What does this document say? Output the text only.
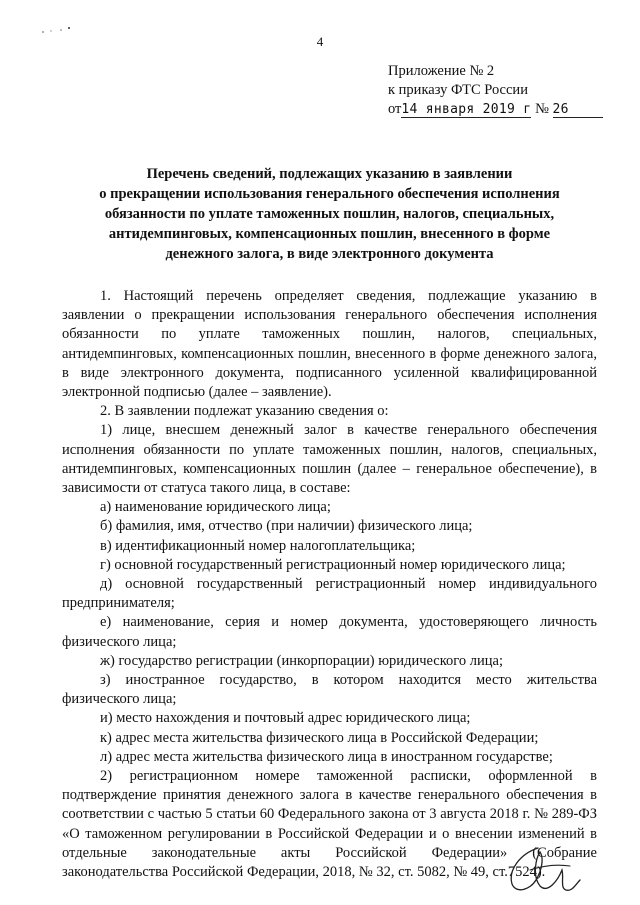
4
Приложение № 2
к приказу ФТС России
от14 января 2019 г № 26
Перечень сведений, подлежащих указанию в заявлении
о прекращении использования генерального обеспечения исполнения
обязанности по уплате таможенных пошлин, налогов, специальных,
антидемпинговых, компенсационных пошлин, внесенного в форме
денежного залога, в виде электронного документа

1. Настоящий перечень определяет сведения, подлежащие указанию в заявлении о прекращении использования генерального обеспечения исполнения обязанности по уплате таможенных пошлин, налогов, специальных, антидемпинговых, компенсационных пошлин, внесенного в форме денежного залога, в виде электронного документа, подписанного усиленной квалифицированной электронной подписью (далее – заявление).

2. В заявлении подлежат указанию сведения о:

1) лице, внесшем денежный залог в качестве генерального обеспечения исполнения обязанности по уплате таможенных пошлин, налогов, специальных, антидемпинговых, компенсационных пошлин (далее – генеральное обеспечение), в зависимости от статуса такого лица, в составе:

а) наименование юридического лица;

б) фамилия, имя, отчество (при наличии) физического лица;

в) идентификационный номер налогоплательщика;

г) основной государственный регистрационный номер юридического лица;

д) основной государственный регистрационный номер индивидуального предпринимателя;

е) наименование, серия и номер документа, удостоверяющего личность физического лица;

ж) государство регистрации (инкорпорации) юридического лица;

з) иностранное государство, в котором находится место жительства физического лица;

и) место нахождения и почтовый адрес юридического лица;

к) адрес места жительства физического лица в Российской Федерации;

л) адрес места жительства физического лица в иностранном государстве;

2) регистрационном номере таможенной расписки, оформленной в подтверждение принятия денежного залога в качестве генерального обеспечения в соответствии с частью 5 статьи 60 Федерального закона от 3 августа 2018 г. № 289-ФЗ «О таможенном регулировании в Российской Федерации и о внесении изменений в отдельные законодательные акты Российской Федерации» (Собрание законодательства Российской Федерации, 2018, № 32, ст. 5082, № 49, ст.7524).
